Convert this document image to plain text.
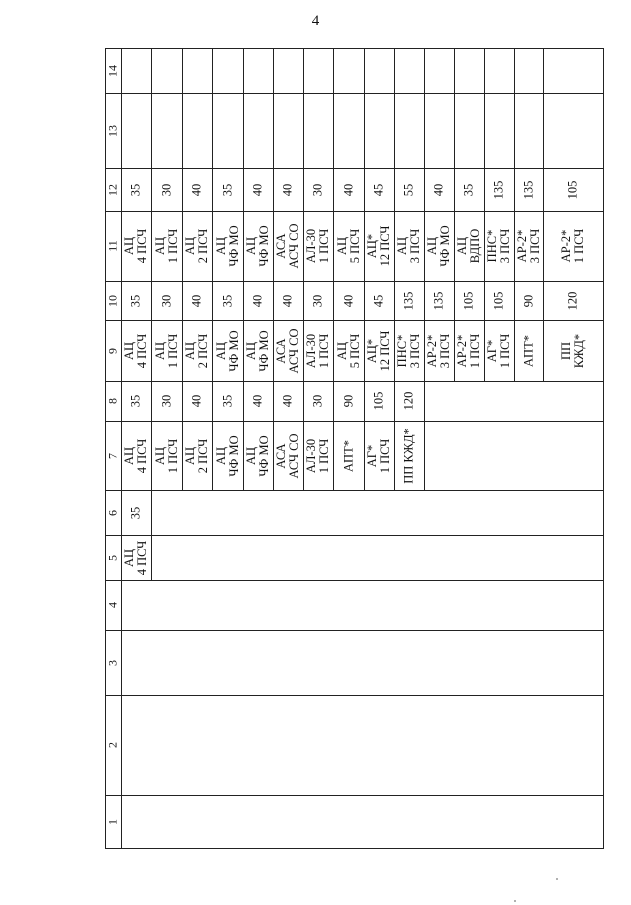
4
1
2
3
4
5
6
7
8
9
10
11
12
13
14
АЦ 4 ПСЧ
35
АЦ 4 ПСЧ
35
АЦ 4 ПСЧ
35
АЦ 4 ПСЧ
35
АЦ 1 ПСЧ
30
АЦ 1 ПСЧ
30
АЦ 1 ПСЧ
30
АЦ 2 ПСЧ
40
АЦ 2 ПСЧ
40
АЦ 2 ПСЧ
40
АЦ ЧФ МО
35
АЦ ЧФ МО
35
АЦ ЧФ МО
35
АЦ ЧФ МО
40
АЦ ЧФ МО
40
АЦ ЧФ МО
40
АСА АСЧ СО
40
АСА АСЧ СО
40
АСА АСЧ СО
40
АЛ-30 1 ПСЧ
30
АЛ-30 1 ПСЧ
30
АЛ-30 1 ПСЧ
30
АПТ*
90
АЦ 5 ПСЧ
40
АЦ 5 ПСЧ
40
АГ* 1 ПСЧ
105
АЦ* 12 ПСЧ
45
АЦ* 12 ПСЧ
45
ПП КЖД*
120
ПНС* 3 ПСЧ
135
АЦ 3 ПСЧ
55
АР-2* 3 ПСЧ
135
АЦ ЧФ МО
40
АР-2* 1 ПСЧ
105
АЦ ВДПО
35
АГ* 1 ПСЧ
105
ПНС* 3 ПСЧ
135
АПТ*
90
АР-2* 3 ПСЧ
135
ПП КЖД*
120
АР-2* 1 ПСЧ
105
